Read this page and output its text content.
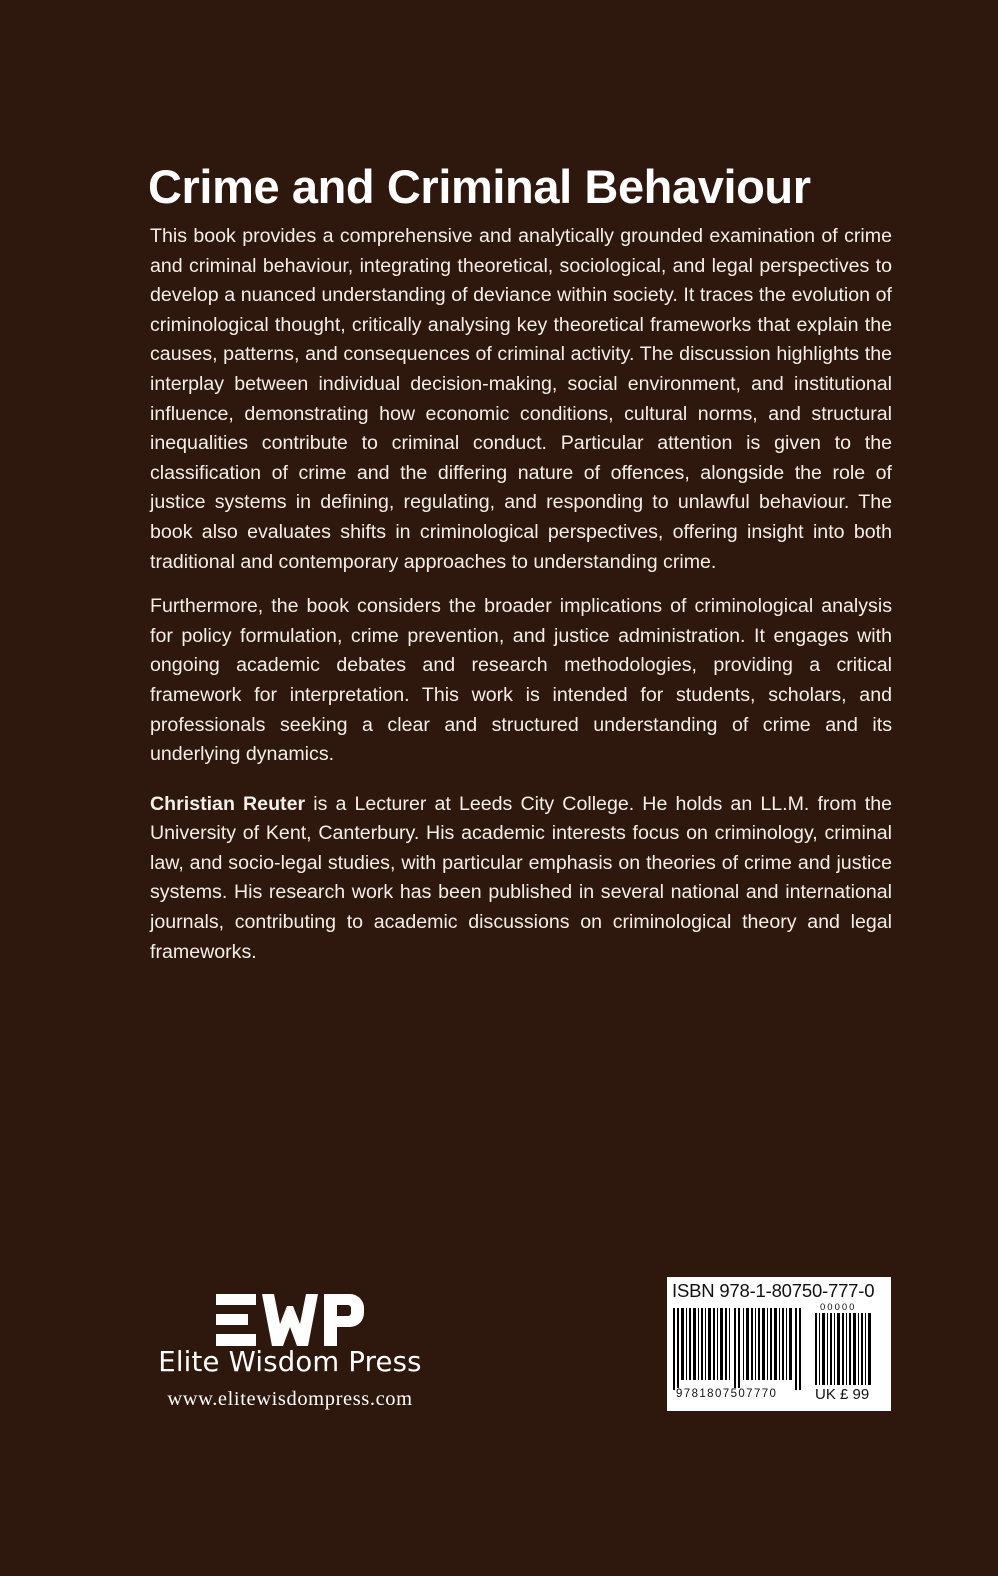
Crime and Criminal Behaviour

This book provides a comprehensive and analytically grounded examination of crime and criminal behaviour, integrating theoretical, sociological, and legal perspectives to develop a nuanced understanding of deviance within society. It traces the evolution of criminological thought, critically analysing key theoretical frameworks that explain the causes, patterns, and consequences of criminal activity. The discussion highlights the interplay between individual decision-making, social environment, and institutional influence, demonstrating how economic conditions, cultural norms, and structural inequalities contribute to criminal conduct. Particular attention is given to the classification of crime and the differing nature of offences, alongside the role of justice systems in defining, regulating, and responding to unlawful behaviour. The book also evaluates shifts in criminological perspectives, offering insight into both traditional and contemporary approaches to understanding crime.

Furthermore, the book considers the broader implications of criminological analysis for policy formulation, crime prevention, and justice administration. It engages with ongoing academic debates and research methodologies, providing a critical framework for interpretation. This work is intended for students, scholars, and professionals seeking a clear and structured understanding of crime and its underlying dynamics.

Christian Reuter is a Lecturer at Leeds City College. He holds an LL.M. from the University of Kent, Canterbury. His academic interests focus on criminology, criminal law, and socio-legal studies, with particular emphasis on theories of crime and justice systems. His research work has been published in several national and international journals, contributing to academic discussions on criminological theory and legal frameworks.

Elite Wisdom Press
www.elitewisdompress.com
ISBN 978-1-80750-777-0
00000
9781807507770	UK £ 99
